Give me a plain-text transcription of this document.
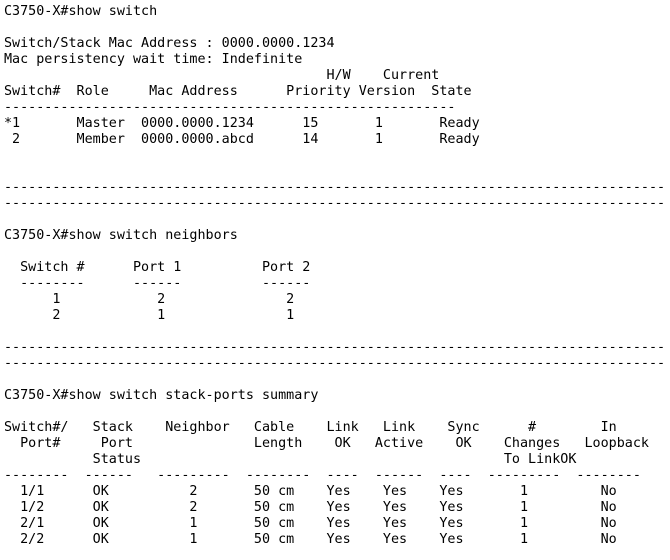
C3750-X#show switch
Switch/Stack Mac Address : 0000.0000.1234
Mac persistency wait time: Indefinite
H/W    Current
Switch#  Role     Mac Address      Priority Version  State
--------------------------------------------------------
*1       Master  0000.0000.1234      15       1       Ready
2       Member  0000.0000.abcd      14       1       Ready
----------------------------------------------------------------------------------
----------------------------------------------------------------------------------
C3750-X#show switch neighbors
Switch #      Port 1          Port 2
--------      ------          ------
1            2               2
2            1               1
----------------------------------------------------------------------------------
----------------------------------------------------------------------------------
C3750-X#show switch stack-ports summary
Switch#/   Stack    Neighbor   Cable    Link   Link    Sync      #        In
Port#     Port               Length    OK   Active    OK    Changes   Loopback
Status                                             To LinkOK
--------  ------   ---------  --------  ----  ------  ----  ---------  --------
1/1      OK          2       50 cm    Yes    Yes    Yes       1         No
1/2      OK          2       50 cm    Yes    Yes    Yes       1         No
2/1      OK          1       50 cm    Yes    Yes    Yes       1         No
2/2      OK          1       50 cm    Yes    Yes    Yes       1         No
